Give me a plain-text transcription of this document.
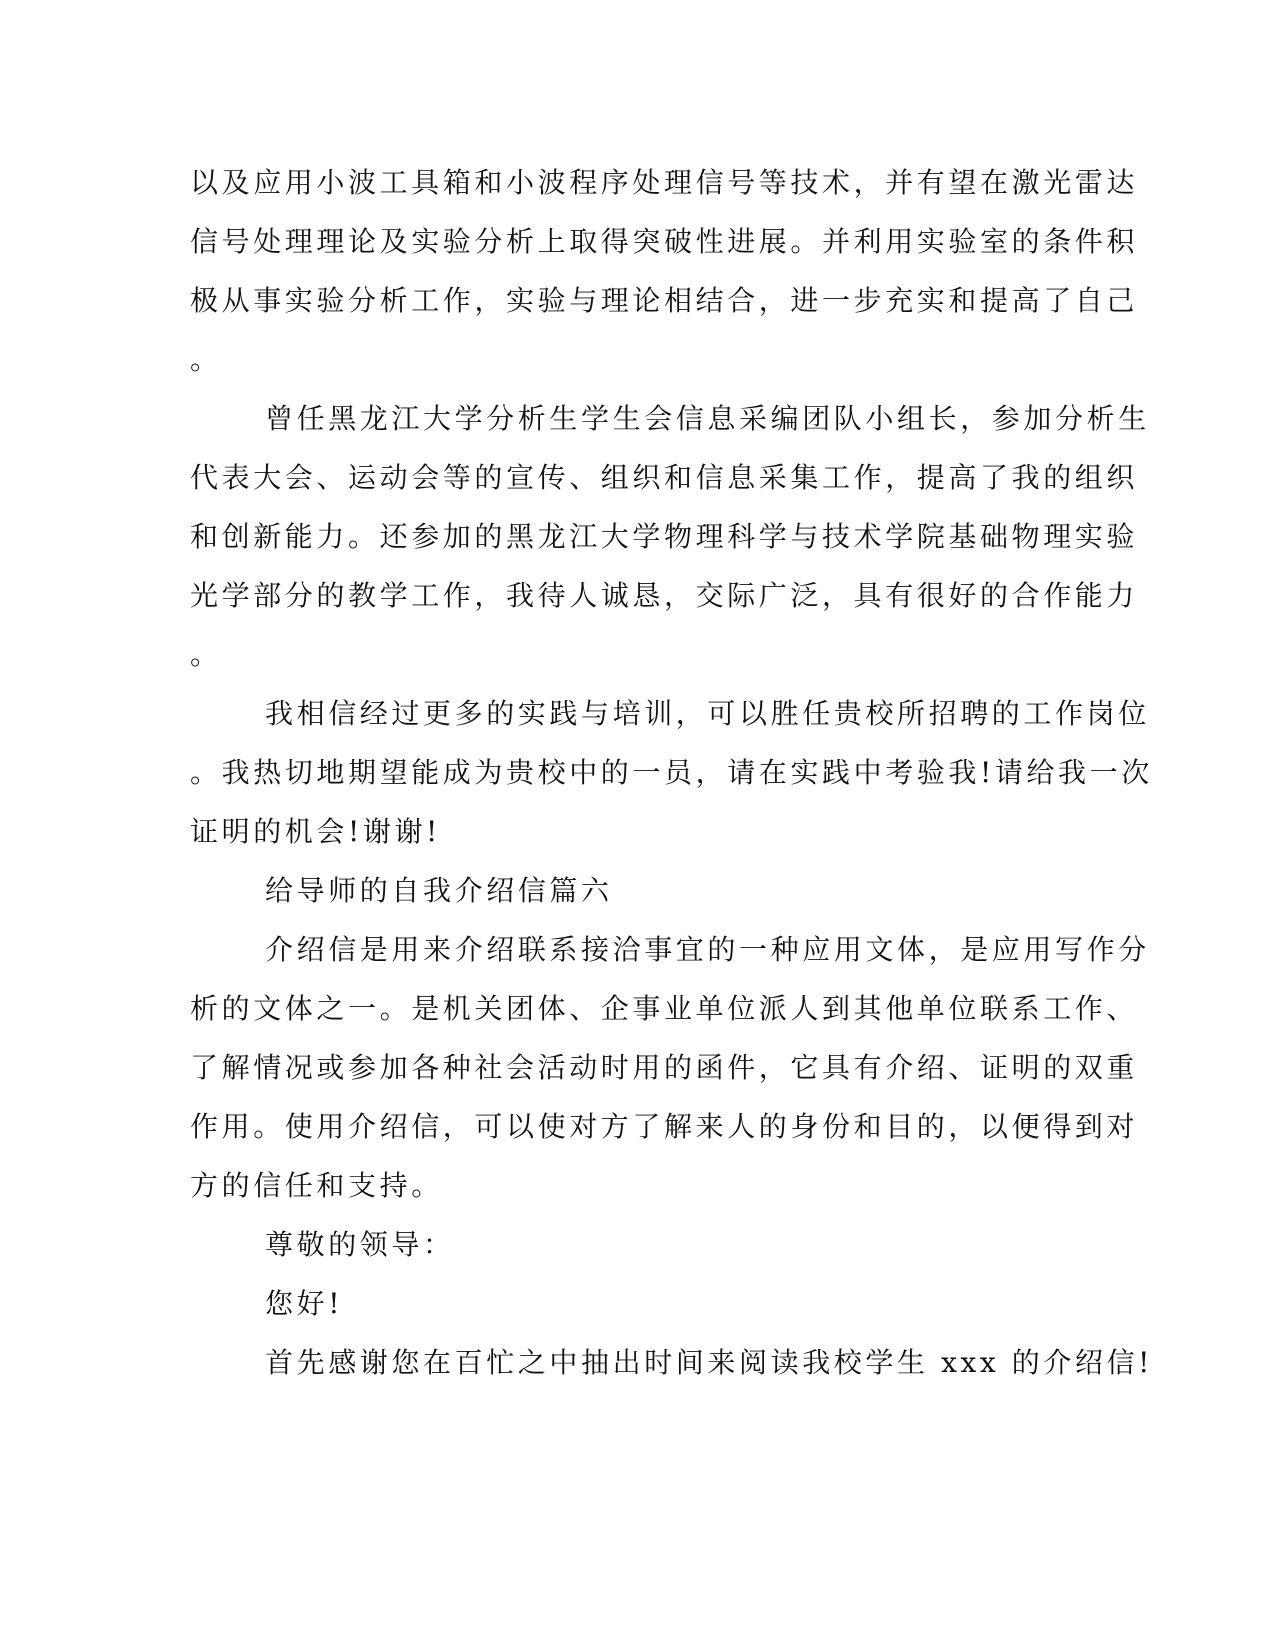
以及应用小波工具箱和小波程序处理信号等技术，并有望在激光雷达
信号处理理论及实验分析上取得突破性进展。并利用实验室的条件积
极从事实验分析工作，实验与理论相结合，进一步充实和提高了自己
。
曾任黑龙江大学分析生学生会信息采编团队小组长，参加分析生
代表大会、运动会等的宣传、组织和信息采集工作，提高了我的组织
和创新能力。还参加的黑龙江大学物理科学与技术学院基础物理实验
光学部分的教学工作，我待人诚恳，交际广泛，具有很好的合作能力
。
我相信经过更多的实践与培训，可以胜任贵校所招聘的工作岗位
。我热切地期望能成为贵校中的一员，请在实践中考验我!请给我一次
证明的机会!谢谢!
给导师的自我介绍信篇六
介绍信是用来介绍联系接洽事宜的一种应用文体，是应用写作分
析的文体之一。是机关团体、企事业单位派人到其他单位联系工作、
了解情况或参加各种社会活动时用的函件，它具有介绍、证明的双重
作用。使用介绍信，可以使对方了解来人的身份和目的，以便得到对
方的信任和支持。
尊敬的领导：
您好!
首先感谢您在百忙之中抽出时间来阅读我校学生 xxx 的介绍信!
